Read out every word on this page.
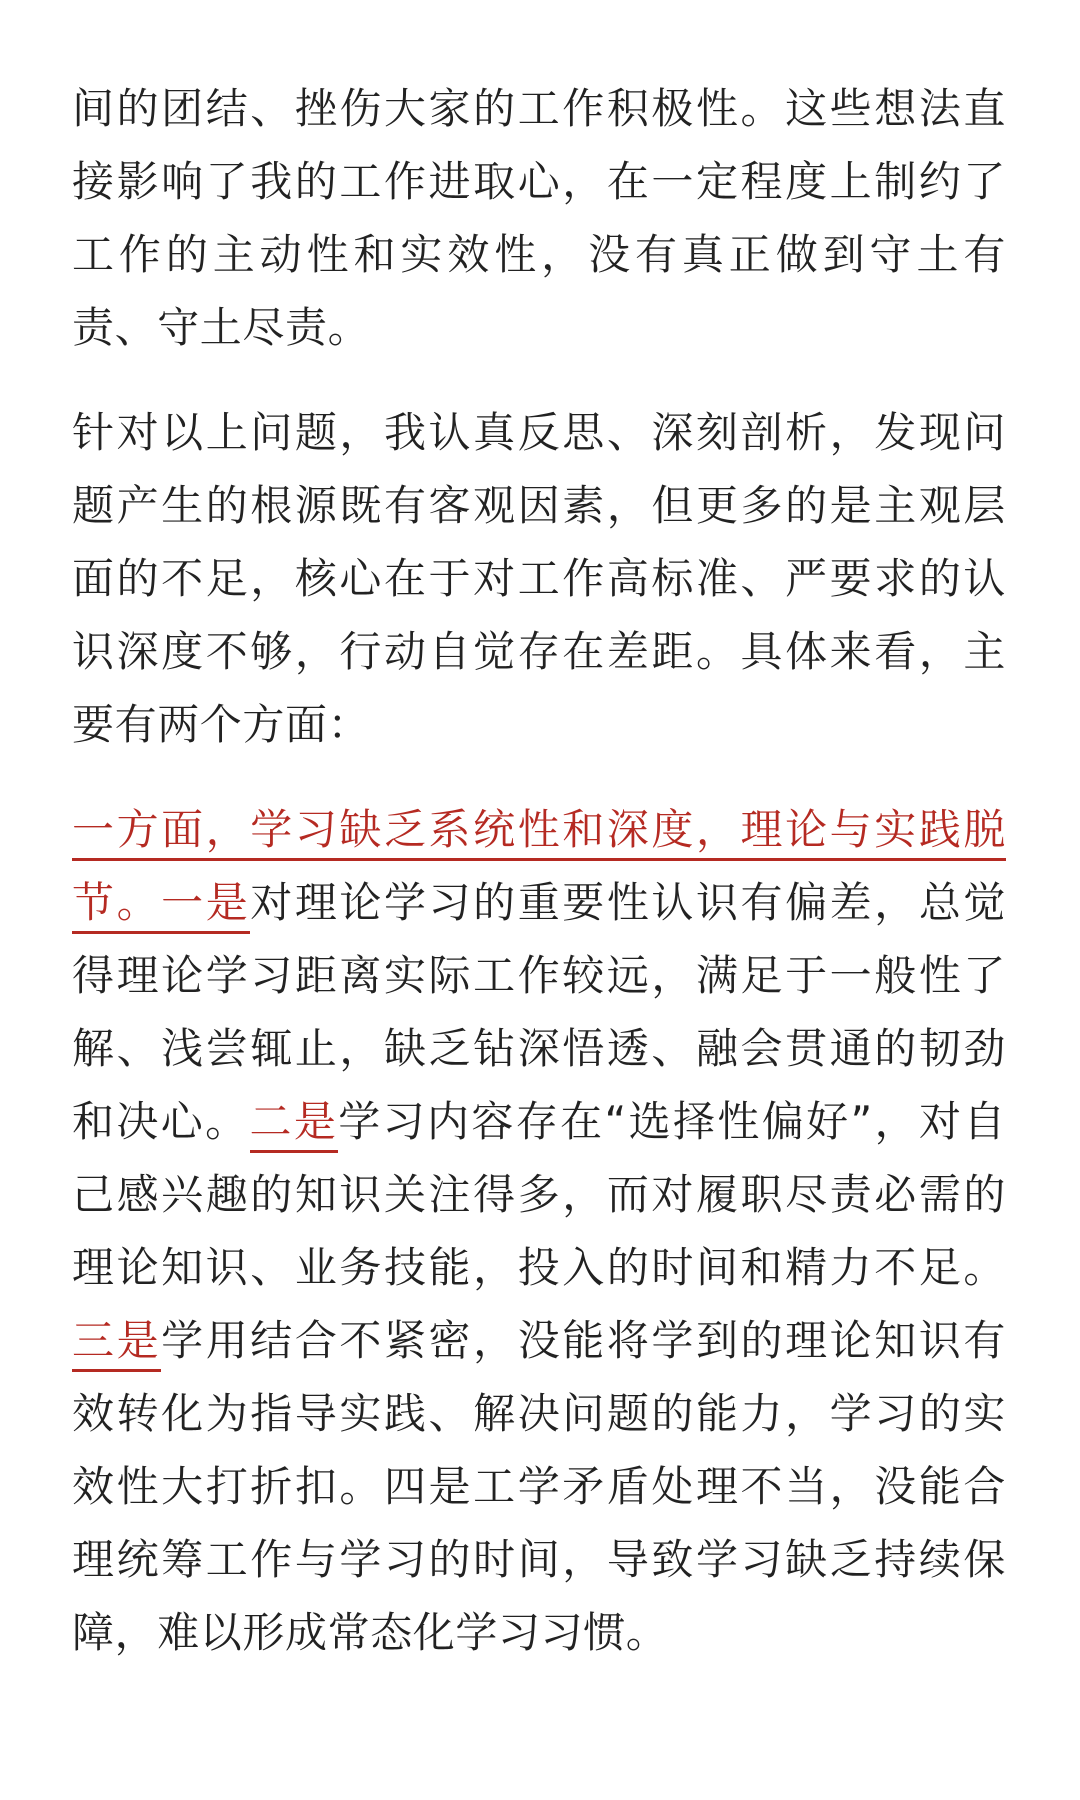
间的团结、挫伤大家的工作积极性。这些想法直接影响了我的工作进取心，在一定程度上制约了工作的主动性和实效性，没有真正做到守土有责、守土尽责。

针对以上问题，我认真反思、深刻剖析，发现问题产生的根源既有客观因素，但更多的是主观层面的不足，核心在于对工作高标准、严要求的认识深度不够，行动自觉存在差距。具体来看，主要有两个方面：

一方面，学习缺乏系统性和深度，理论与实践脱节。一是对理论学习的重要性认识有偏差，总觉得理论学习距离实际工作较远，满足于一般性了解、浅尝辄止，缺乏钻深悟透、融会贯通的韧劲和决心。二是学习内容存在“选择性偏好”，对自己感兴趣的知识关注得多，而对履职尽责必需的理论知识、业务技能，投入的时间和精力不足。三是学用结合不紧密，没能将学到的理论知识有效转化为指导实践、解决问题的能力，学习的实效性大打折扣。四是工学矛盾处理不当，没能合理统筹工作与学习的时间，导致学习缺乏持续保障，难以形成常态化学习习惯。
